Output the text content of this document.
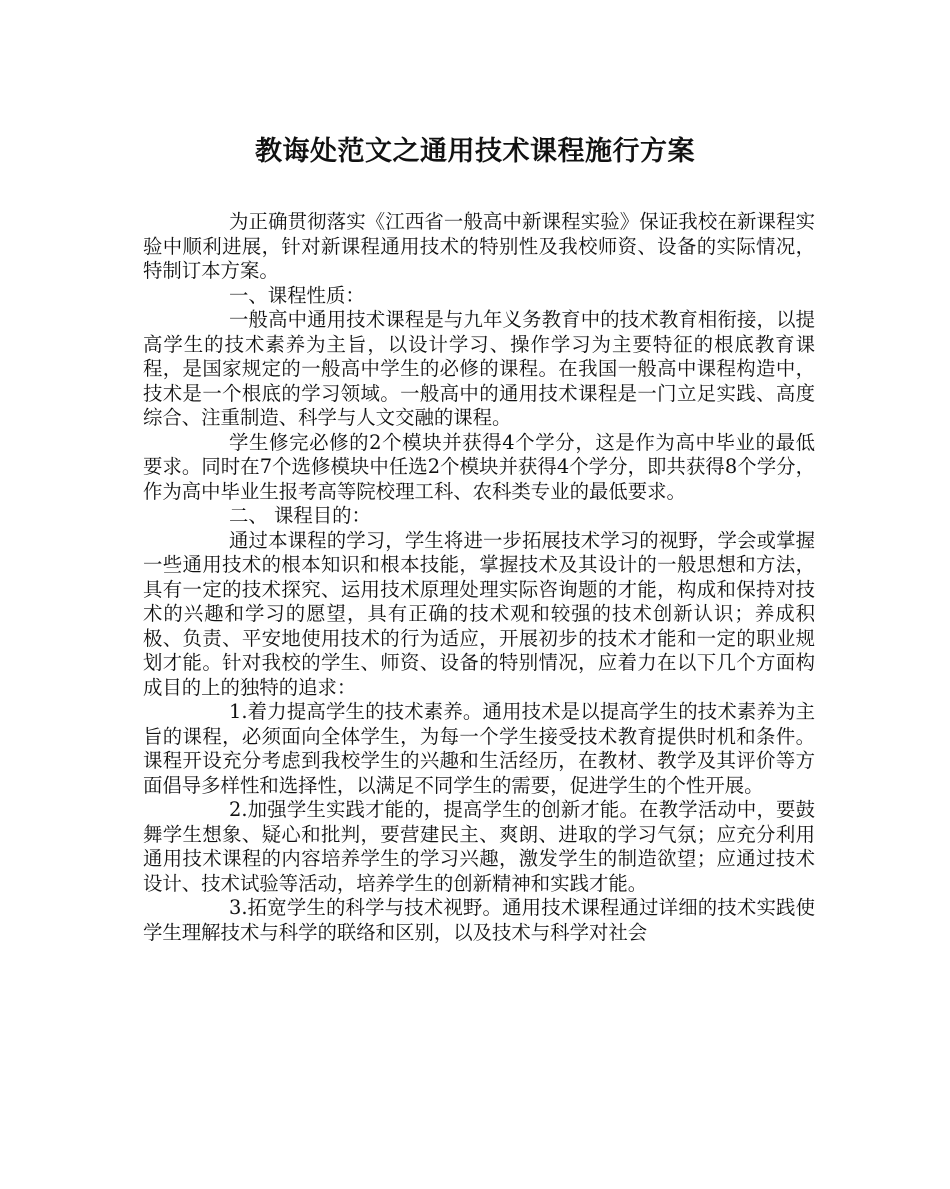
教诲处范文之通用技术课程施行方案

为正确贯彻落实《江西省一般高中新课程实验》保证我校在新课程实验中顺利进展，针对新课程通用技术的特别性及我校师资、设备的实际情况，特制订本方案。

一、课程性质：

一般高中通用技术课程是与九年义务教育中的技术教育相衔接，以提高学生的技术素养为主旨，以设计学习、操作学习为主要特征的根底教育课程，是国家规定的一般高中学生的必修的课程。在我国一般高中课程构造中，技术是一个根底的学习领域。一般高中的通用技术课程是一门立足实践、高度综合、注重制造、科学与人文交融的课程。

学生修完必修的2个模块并获得4个学分，这是作为高中毕业的最低要求。同时在7个选修模块中任选2个模块并获得4个学分，即共获得8个学分，作为高中毕业生报考高等院校理工科、农科类专业的最低要求。

二、 课程目的：

通过本课程的学习，学生将进一步拓展技术学习的视野，学会或掌握一些通用技术的根本知识和根本技能，掌握技术及其设计的一般思想和方法，具有一定的技术探究、运用技术原理处理实际咨询题的才能，构成和保持对技术的兴趣和学习的愿望，具有正确的技术观和较强的技术创新认识；养成积极、负责、平安地使用技术的行为适应，开展初步的技术才能和一定的职业规划才能。针对我校的学生、师资、设备的特别情况，应着力在以下几个方面构成目的上的独特的追求：

1.着力提高学生的技术素养。通用技术是以提高学生的技术素养为主旨的课程，必须面向全体学生，为每一个学生接受技术教育提供时机和条件。课程开设充分考虑到我校学生的兴趣和生活经历，在教材、教学及其评价等方面倡导多样性和选择性，以满足不同学生的需要，促进学生的个性开展。

2.加强学生实践才能的，提高学生的创新才能。在教学活动中，要鼓舞学生想象、疑心和批判，要营建民主、爽朗、进取的学习气氛；应充分利用通用技术课程的内容培养学生的学习兴趣，激发学生的制造欲望；应通过技术设计、技术试验等活动，培养学生的创新精神和实践才能。

3.拓宽学生的科学与技术视野。通用技术课程通过详细的技术实践使学生理解技术与科学的联络和区别，以及技术与科学对社会
